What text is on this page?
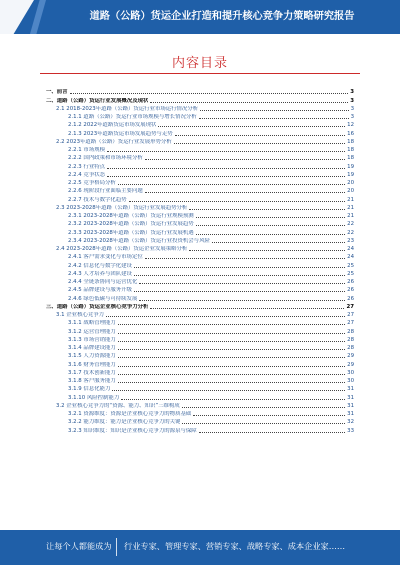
道路（公路）货运企业打造和提升核心竞争力策略研究报告
内容目录
一、前言	3
二、道路（公路）货运行业发展概况及现状	3
2.1 2018-2023年道路（公路）货运行业市场运行情况分析	3
2.1.1 道路（公路）货运行业市场规模与增长情况分析	3
2.1.2 2022年道路货运市场发展现状	12
2.1.3 2023年道路货运市场发展趋势与走势	16
2.2 2023年道路（公路）货运行业发展形势分析	18
2.2.1 市场规模	18
2.2.2 国内政策和市场环境分析	18
2.2.3 行业特点	19
2.2.4 竞争状态	19
2.2.5 竞争格局分析	20
2.2.6 现阶段行业面临主要问题	20
2.2.7 技术与数字化趋势	21
2.3 2023-2028年道路（公路）货运行业发展趋势分析	21
2.3.1 2023-2028年道路（公路）货运行业规模预测	21
2.3.2 2023-2028年道路（公路）货运行业发展趋势	22
2.3.3 2023-2028年道路（公路）货运行业发展机遇	22
2.3.4 2023-2028年道路（公路）货运行业投资机会与风险	23
2.4 2023-2028年道路（公路）货运企业发展策略分析	24
2.4.1 客户需求变化与市场定位	24
2.4.2 信息化与数字化建设	25
2.4.3 人才培养与团队建设	25
2.4.4 全链条协同与运营优化	26
2.4.5 品牌建设与服务升级	26
2.4.6 绿色低碳与可持续发展	26
三、道路（公路）货运企业核心竞争力分析	27
3.1 企业核心竞争力	27
3.1.1 战略管理能力	27
3.1.2 运营管理能力	28
3.1.3 市场营销能力	28
3.1.4 品牌建设能力	28
3.1.5 人力资源能力	29
3.1.6 财务管理能力	29
3.1.7 技术创新能力	30
3.1.8 客户服务能力	30
3.1.9 信息化能力	31
3.1.10 风险控制能力	31
3.2 企业核心竞争力的“资源、能力、知识”三维构成	31
3.2.1 资源维度：资源是企业核心竞争力的物质基础	31
3.2.2 能力维度：能力是企业核心竞争力的关键	32
3.2.3 知识维度：知识是企业核心竞争力的源泉与保障	33
让每个人都能成为 行业专家、管理专家、营销专家、战略专家、成本企业家……
